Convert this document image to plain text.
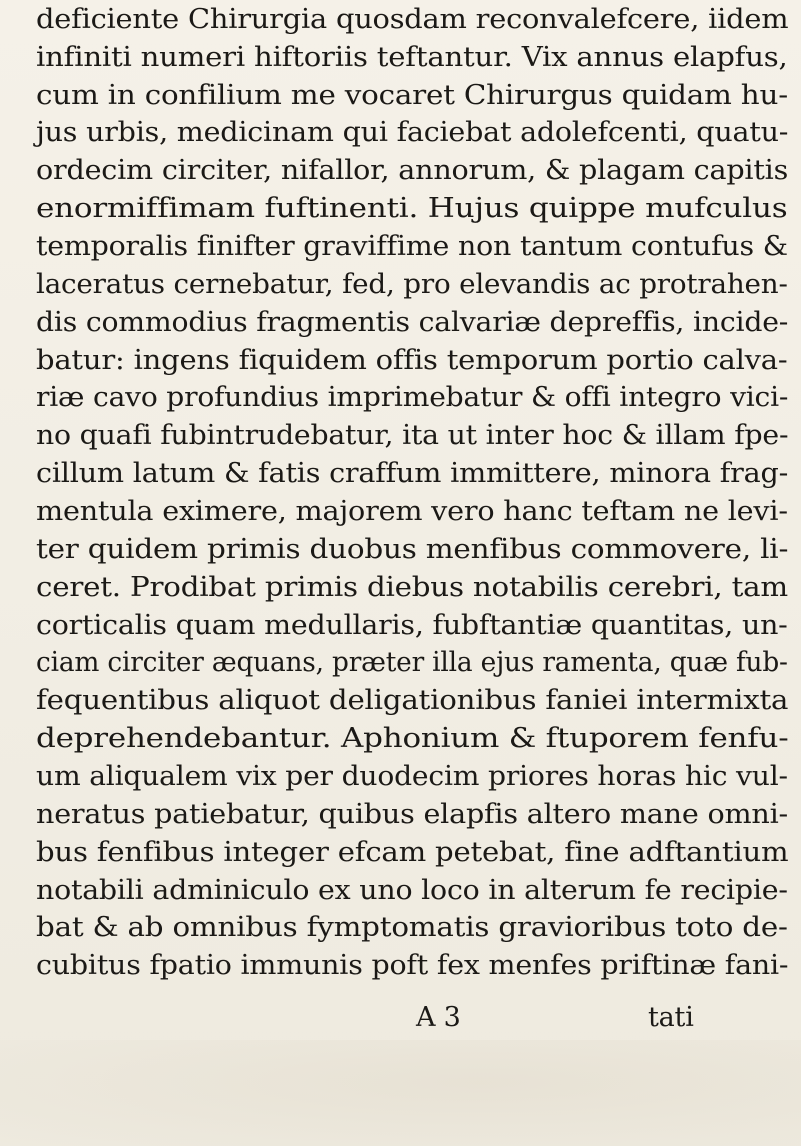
deficiente Chirurgia quosdam reconvalefcere, iidem
infiniti numeri hiftoriis teftantur. Vix annus elapfus,
cum in confilium me vocaret Chirurgus quidam hu-
jus urbis, medicinam qui faciebat adolefcenti, quatu-
ordecim circiter, nifallor, annorum, & plagam capitis
enormiffimam fuftinenti. Hujus quippe mufculus
temporalis finifter graviffime non tantum contufus &
laceratus cernebatur, fed, pro elevandis ac protrahen-
dis commodius fragmentis calvariæ depreffis, incide-
batur: ingens fiquidem offis temporum portio calva-
riæ cavo profundius imprimebatur & offi integro vici-
no quafi fubintrudebatur, ita ut inter hoc & illam fpe-
cillum latum & fatis craffum immittere, minora frag-
mentula eximere, majorem vero hanc teftam ne levi-
ter quidem primis duobus menfibus commovere, li-
ceret. Prodibat primis diebus notabilis cerebri, tam
corticalis quam medullaris, fubftantiæ quantitas, un-
ciam circiter æquans, præter illa ejus ramenta, quæ fub-
fequentibus aliquot deligationibus faniei intermixta
deprehendebantur. Aphonium & ftuporem fenfu-
um aliqualem vix per duodecim priores horas hic vul-
neratus patiebatur, quibus elapfis altero mane omni-
bus fenfibus integer efcam petebat, fine adftantium
notabili adminiculo ex uno loco in alterum fe recipie-
bat & ab omnibus fymptomatis gravioribus toto de-
cubitus fpatio immunis poft fex menfes priftinæ fani-
A 3	tati
